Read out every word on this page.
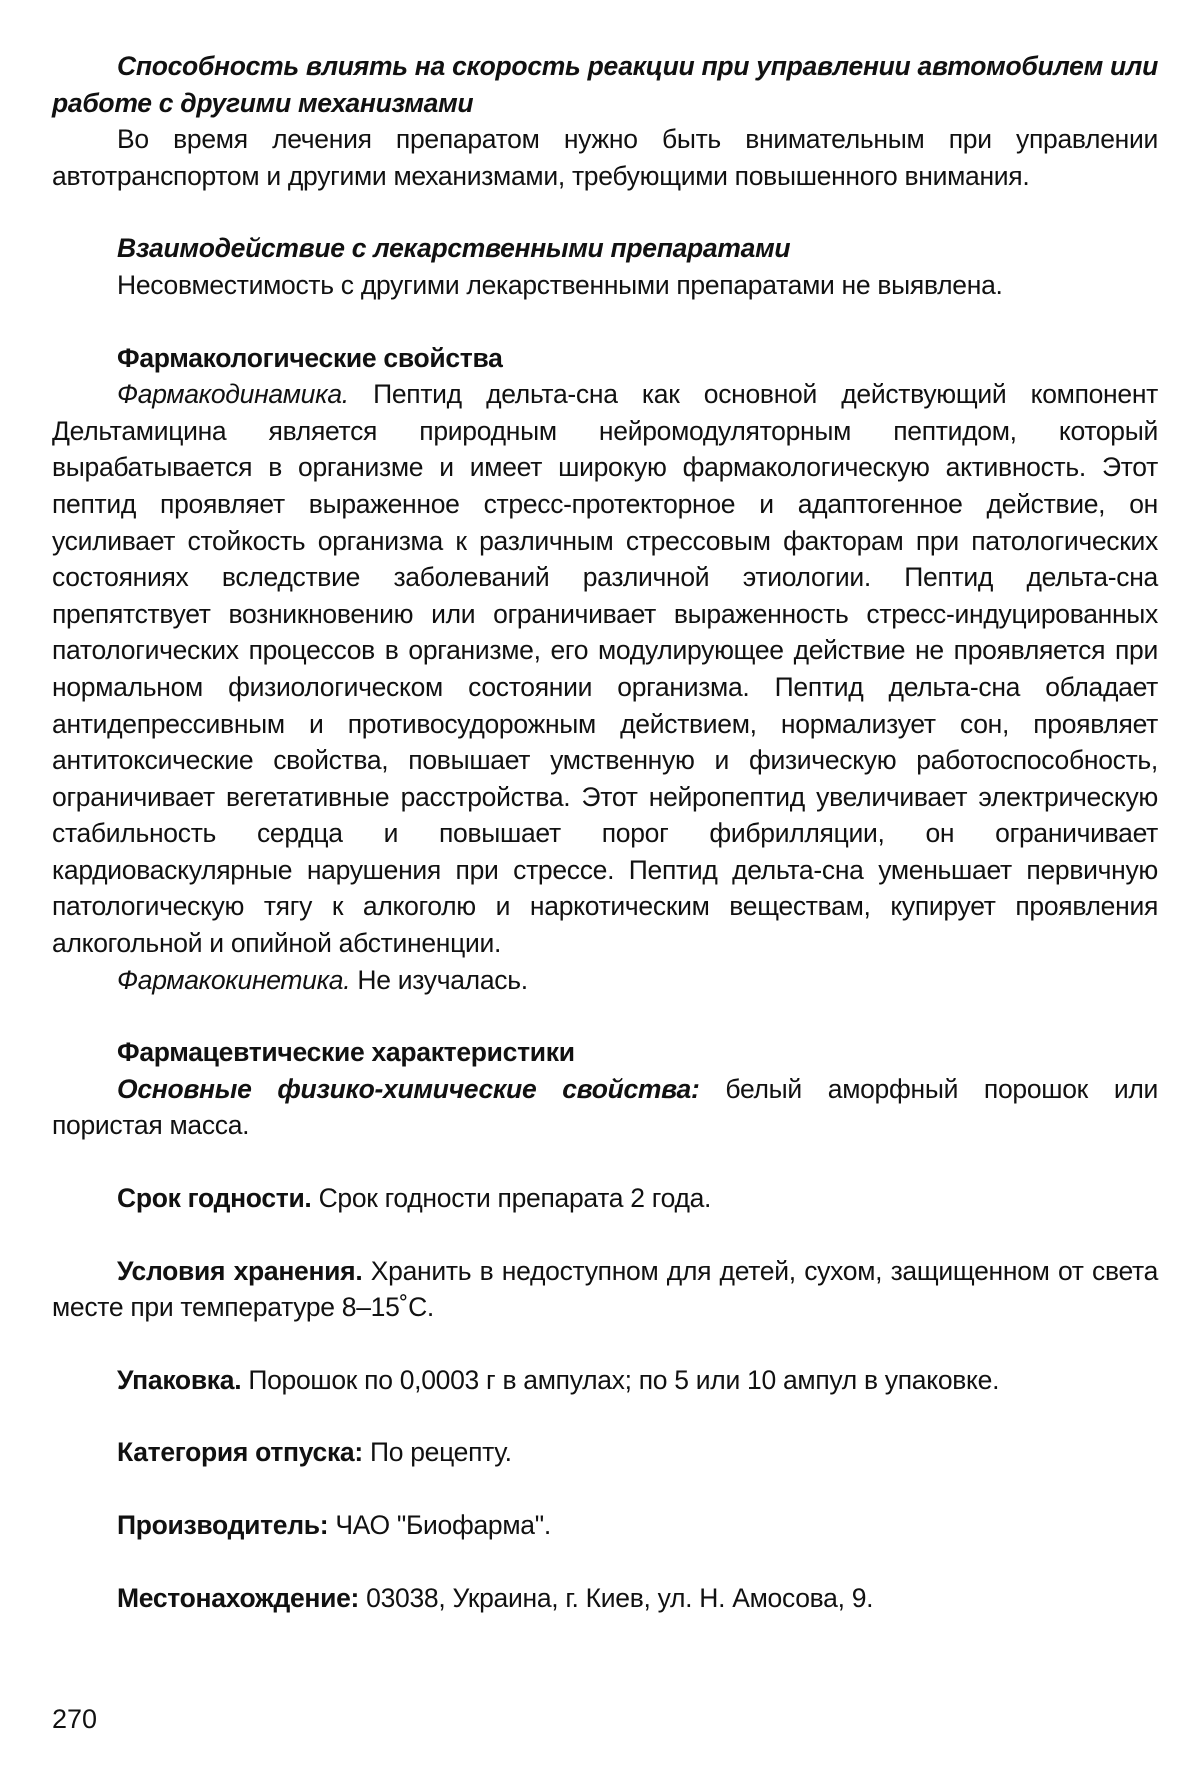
Способность влиять на скорость реакции при управлении автомобилем или работе с другими механизмами

Во время лечения препаратом нужно быть внимательным при управлении автотранспортом и другими механизмами, требующими повышенного внимания.

Взаимодействие с лекарственными препаратами

Несовместимость с другими лекарственными препаратами не выявлена.

Фармакологические свойства

Фармакодинамика. Пептид дельта-сна как основной действующий компонент Дельтамицина является природным нейромодуляторным пептидом, который вырабатывается в организме и имеет широкую фармакологическую активность. Этот пептид проявляет выраженное стресс-протекторное и адаптогенное действие, он усиливает стойкость организма к различным стрессовым факторам при патологических состояниях вследствие заболеваний различной этиологии. Пептид дельта-сна препятствует возникновению или ограничивает выраженность стресс-индуцированных патологических процессов в организме, его модулирующее действие не проявляется при нормальном физиологическом состоянии организма. Пептид дельта-сна обладает антидепрессивным и противосудорожным действием, нормализует сон, проявляет антитоксические свойства, повышает умственную и физическую работоспособность, ограничивает вегетативные расстройства. Этот нейропептид увеличивает электрическую стабильность сердца и повышает порог фибрилляции, он ограничивает кардиоваскулярные нарушения при стрессе. Пептид дельта-сна уменьшает первичную патологическую тягу к алкоголю и наркотическим веществам, купирует проявления алкогольной и опийной абстиненции.

Фармакокинетика. Не изучалась.

Фармацевтические характеристики

Основные физико-химические свойства: белый аморфный порошок или пористая масса.

Срок годности. Срок годности препарата 2 года.

Условия хранения. Хранить в недоступном для детей, сухом, защищенном от света месте при температуре 8–15˚С.

Упаковка. Порошок по 0,0003 г в ампулах; по 5 или 10 ампул в упаковке.

Категория отпуска: По рецепту.

Производитель: ЧАО "Биофарма".

Местонахождение: 03038, Украина, г. Киев, ул. Н. Амосова, 9.

270
